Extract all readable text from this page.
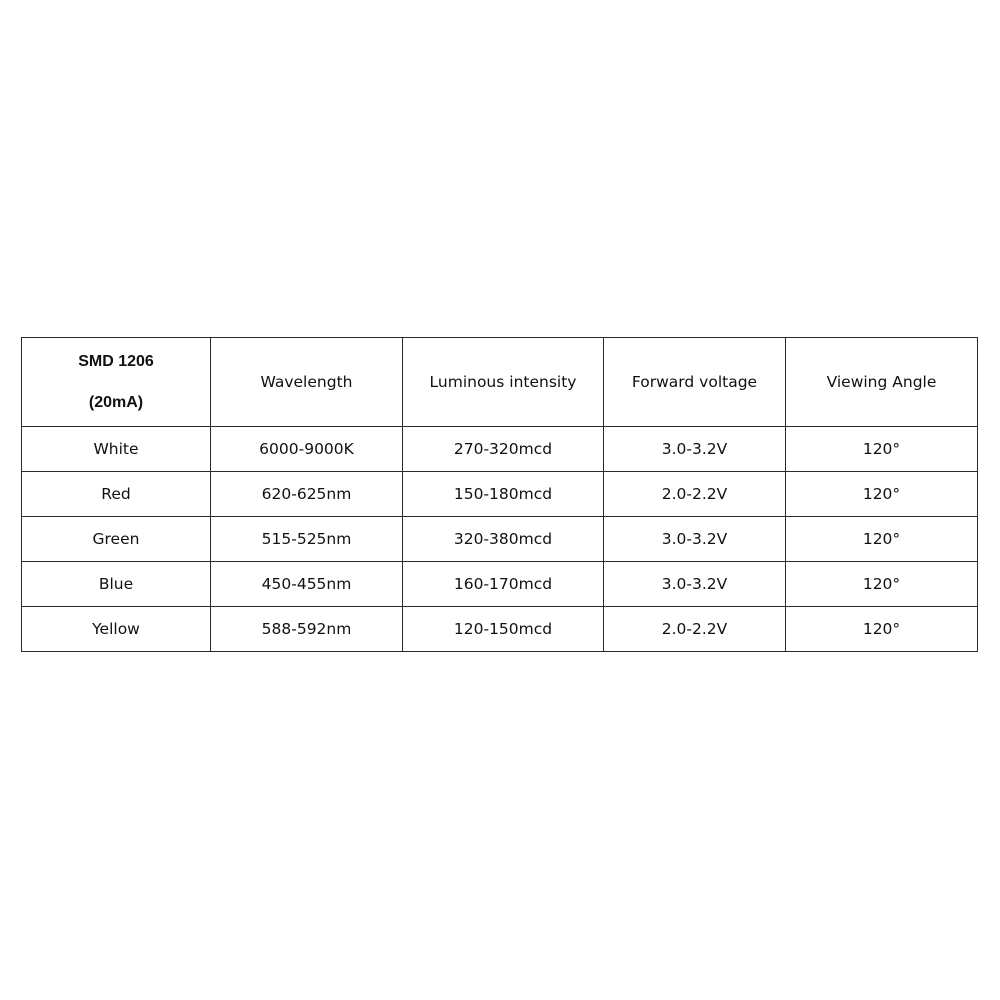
SMD 1206
(20mA)	Wavelength	Luminous intensity	Forward voltage	Viewing Angle
White	6000-9000K	270-320mcd	3.0-3.2V	120°
Red	620-625nm	150-180mcd	2.0-2.2V	120°
Green	515-525nm	320-380mcd	3.0-3.2V	120°
Blue	450-455nm	160-170mcd	3.0-3.2V	120°
Yellow	588-592nm	120-150mcd	2.0-2.2V	120°
